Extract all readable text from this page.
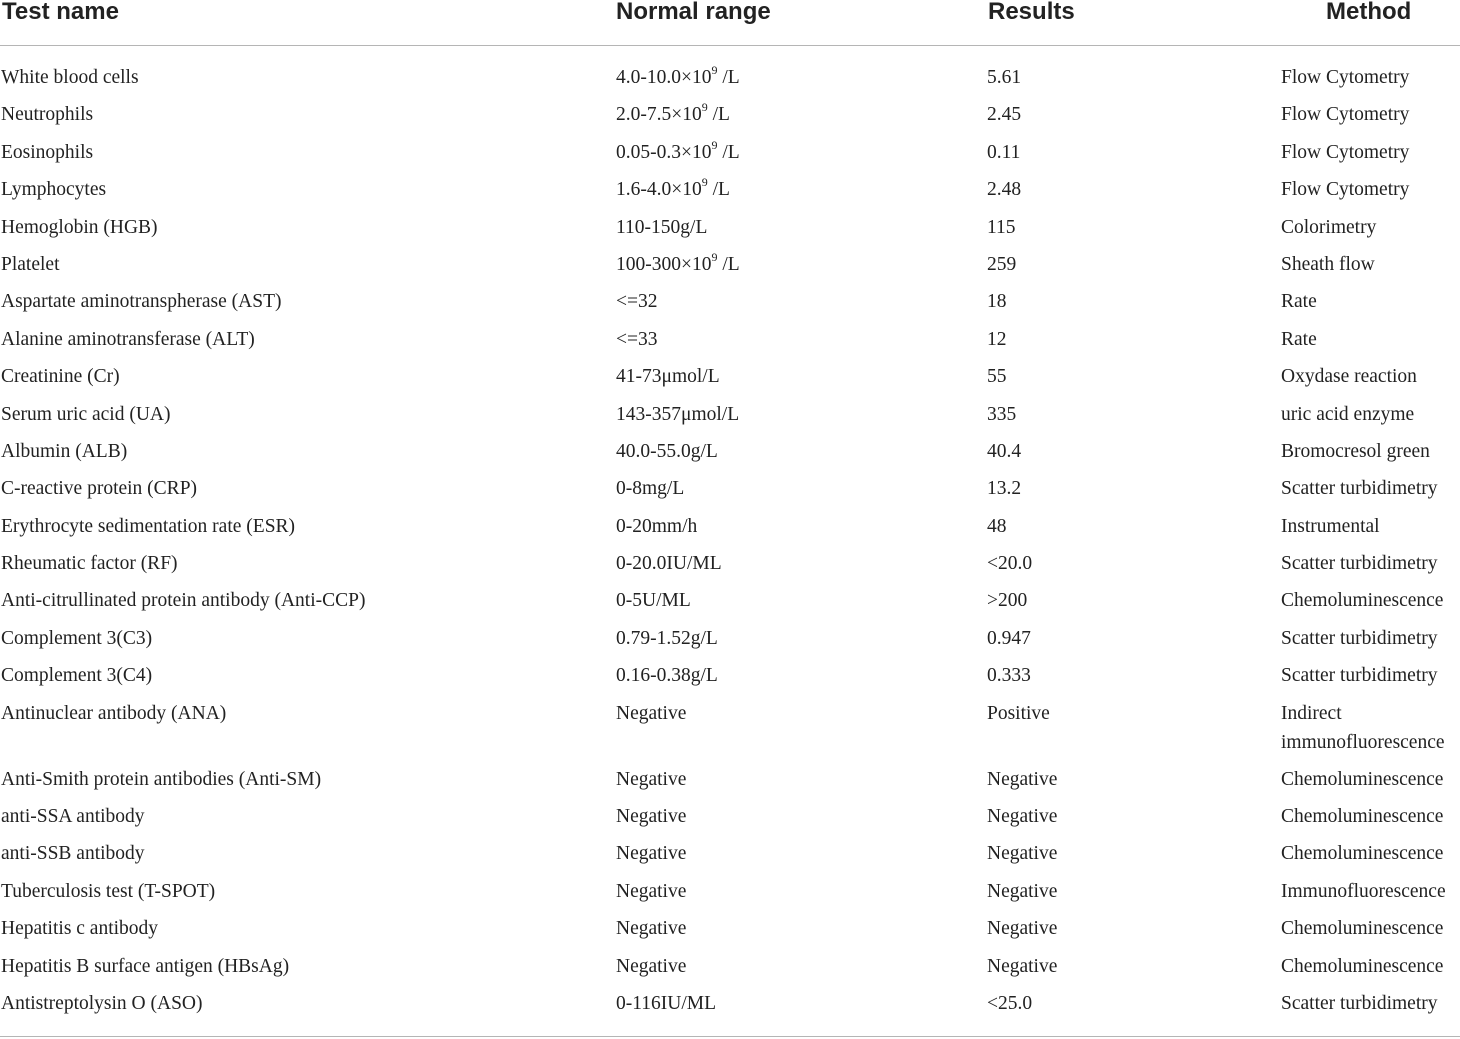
Test name	Normal range	Results	Method
White blood cells	$4.0-10.0\times 10^9$ /L	5.61	Flow Cytometry
Neutrophils	$2.0-7.5\times 10^9$ /L	2.45	Flow Cytometry
Eosinophils	$0.05-0.3\times 10^9$ /L	0.11	Flow Cytometry
Lymphocytes	$1.6-4.0\times 10^9$ /L	2.48	Flow Cytometry
Hemoglobin (HGB)	110-150g/L	115	Colorimetry
Platelet	$100-300\times 10^9$ /L	259	Sheath flow
Aspartate aminotranspherase (AST)	<=32	18	Rate
Alanine aminotransferase (ALT)	<=33	12	Rate
Creatinine (Cr)	41-73μmol/L	55	Oxydase reaction
Serum uric acid (UA)	143-357μmol/L	335	uric acid enzyme
Albumin (ALB)	40.0-55.0g/L	40.4	Bromocresol green
C-reactive protein (CRP)	0-8mg/L	13.2	Scatter turbidimetry
Erythrocyte sedimentation rate (ESR)	0-20mm/h	48	Instrumental
Rheumatic factor (RF)	0-20.0IU/ML	<20.0	Scatter turbidimetry
Anti-citrullinated protein antibody (Anti-CCP)	0-5U/ML	>200	Chemoluminescence
Complement 3(C3)	0.79-1.52g/L	0.947	Scatter turbidimetry
Complement 3(C4)	0.16-0.38g/L	0.333	Scatter turbidimetry
Antinuclear antibody (ANA)	Negative	Positive	Indirect immunofluorescence
Anti-Smith protein antibodies (Anti-SM)	Negative	Negative	Chemoluminescence
anti-SSA antibody	Negative	Negative	Chemoluminescence
anti-SSB antibody	Negative	Negative	Chemoluminescence
Tuberculosis test (T-SPOT)	Negative	Negative	Immunofluorescence
Hepatitis c antibody	Negative	Negative	Chemoluminescence
Hepatitis B surface antigen (HBsAg)	Negative	Negative	Chemoluminescence
Antistreptolysin O (ASO)	0-116IU/ML	<25.0	Scatter turbidimetry
